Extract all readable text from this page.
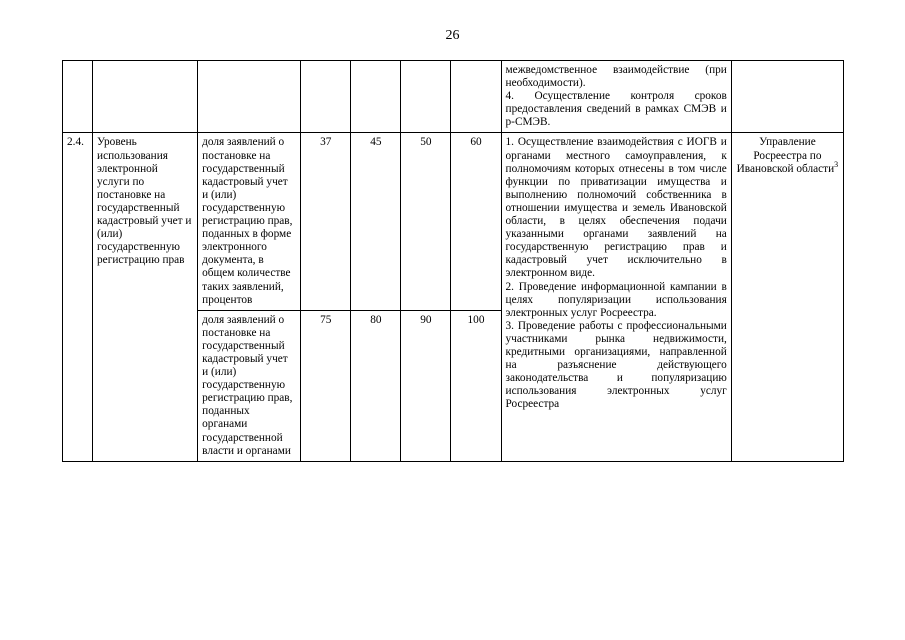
26

							межведомственное взаимодействие (при необходимости).
4. Осуществление контроля сроков предоставления сведений в рамках СМЭВ и р-СМЭВ.	

2.4.	Уровень использования электронной услуги по постановке на государственный кадастровый учет и (или) государственную регистрацию прав	доля заявлений о постановке на государственный кадастровый учет и (или) государственную регистрацию прав, поданных в форме электронного документа, в общем количестве таких заявлений, процентов	37	45	50	60	1. Осуществление взаимодействия с ИОГВ и органами местного самоуправления, к полномочиям которых отнесены в том числе функции по приватизации имущества и выполнению полномочий собственника в отношении имущества и земель Ивановской области, в целях обеспечения подачи указанными органами заявлений на государственную регистрацию прав и кадастровый учет исключительно в электронном виде.
2. Проведение информационной кампании в целях популяризации использования электронных услуг Росреестра.
3. Проведение работы с профессиональными участниками рынка недвижимости, кредитными организациями, направленной на разъяснение действующего законодательства и популяризацию использования электронных услуг Росреестра	Управление Росреестра по Ивановской области$^3$
		доля заявлений о постановке на государственный кадастровый учет и (или) государственную регистрацию прав, поданных органами государственной власти и органами	75	80	90	100		
